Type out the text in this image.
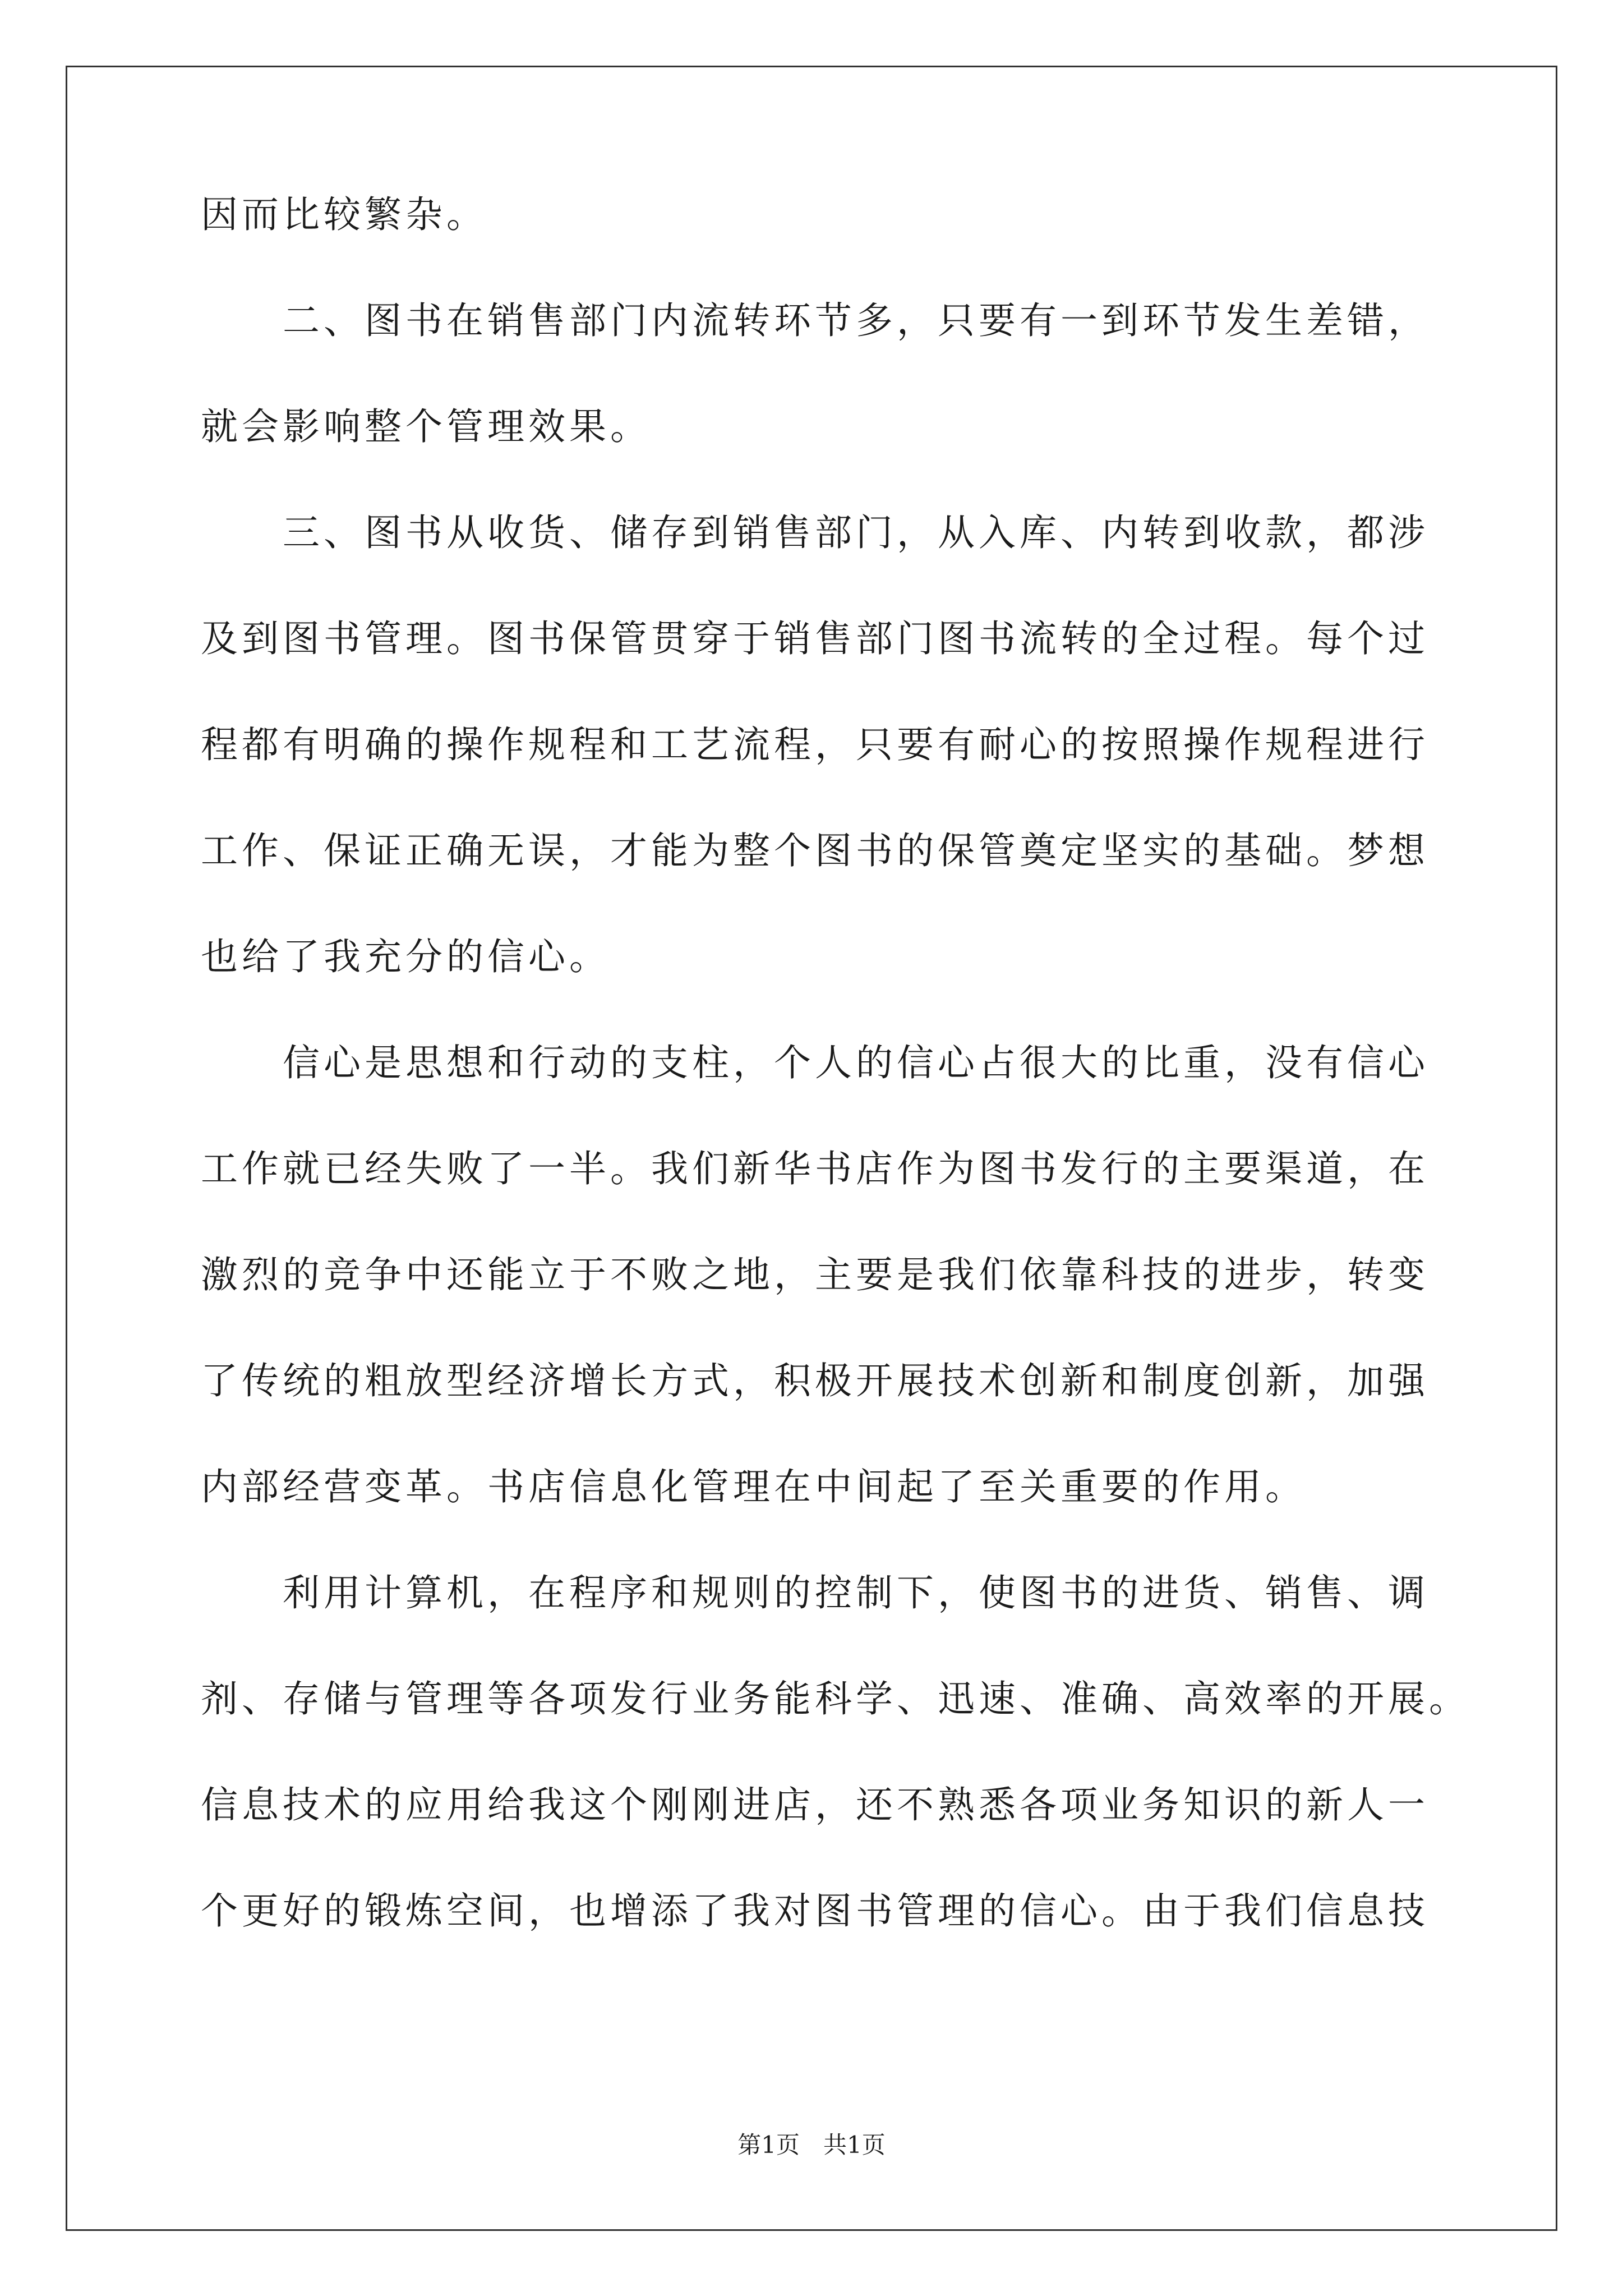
因而比较繁杂。
　　二、图书在销售部门内流转环节多，只要有一到环节发生差错，
就会影响整个管理效果。
　　三、图书从收货、储存到销售部门，从入库、内转到收款，都涉
及到图书管理。图书保管贯穿于销售部门图书流转的全过程。每个过
程都有明确的操作规程和工艺流程，只要有耐心的按照操作规程进行
工作、保证正确无误，才能为整个图书的保管奠定坚实的基础。梦想
也给了我充分的信心。
　　信心是思想和行动的支柱，个人的信心占很大的比重，没有信心
工作就已经失败了一半。我们新华书店作为图书发行的主要渠道，在
激烈的竞争中还能立于不败之地，主要是我们依靠科技的进步，转变
了传统的粗放型经济增长方式，积极开展技术创新和制度创新，加强
内部经营变革。书店信息化管理在中间起了至关重要的作用。
　　利用计算机，在程序和规则的控制下，使图书的进货、销售、调
剂、存储与管理等各项发行业务能科学、迅速、准确、高效率的开展。
信息技术的应用给我这个刚刚进店，还不熟悉各项业务知识的新人一
个更好的锻炼空间，也增添了我对图书管理的信心。由于我们信息技
第1页　共1页
